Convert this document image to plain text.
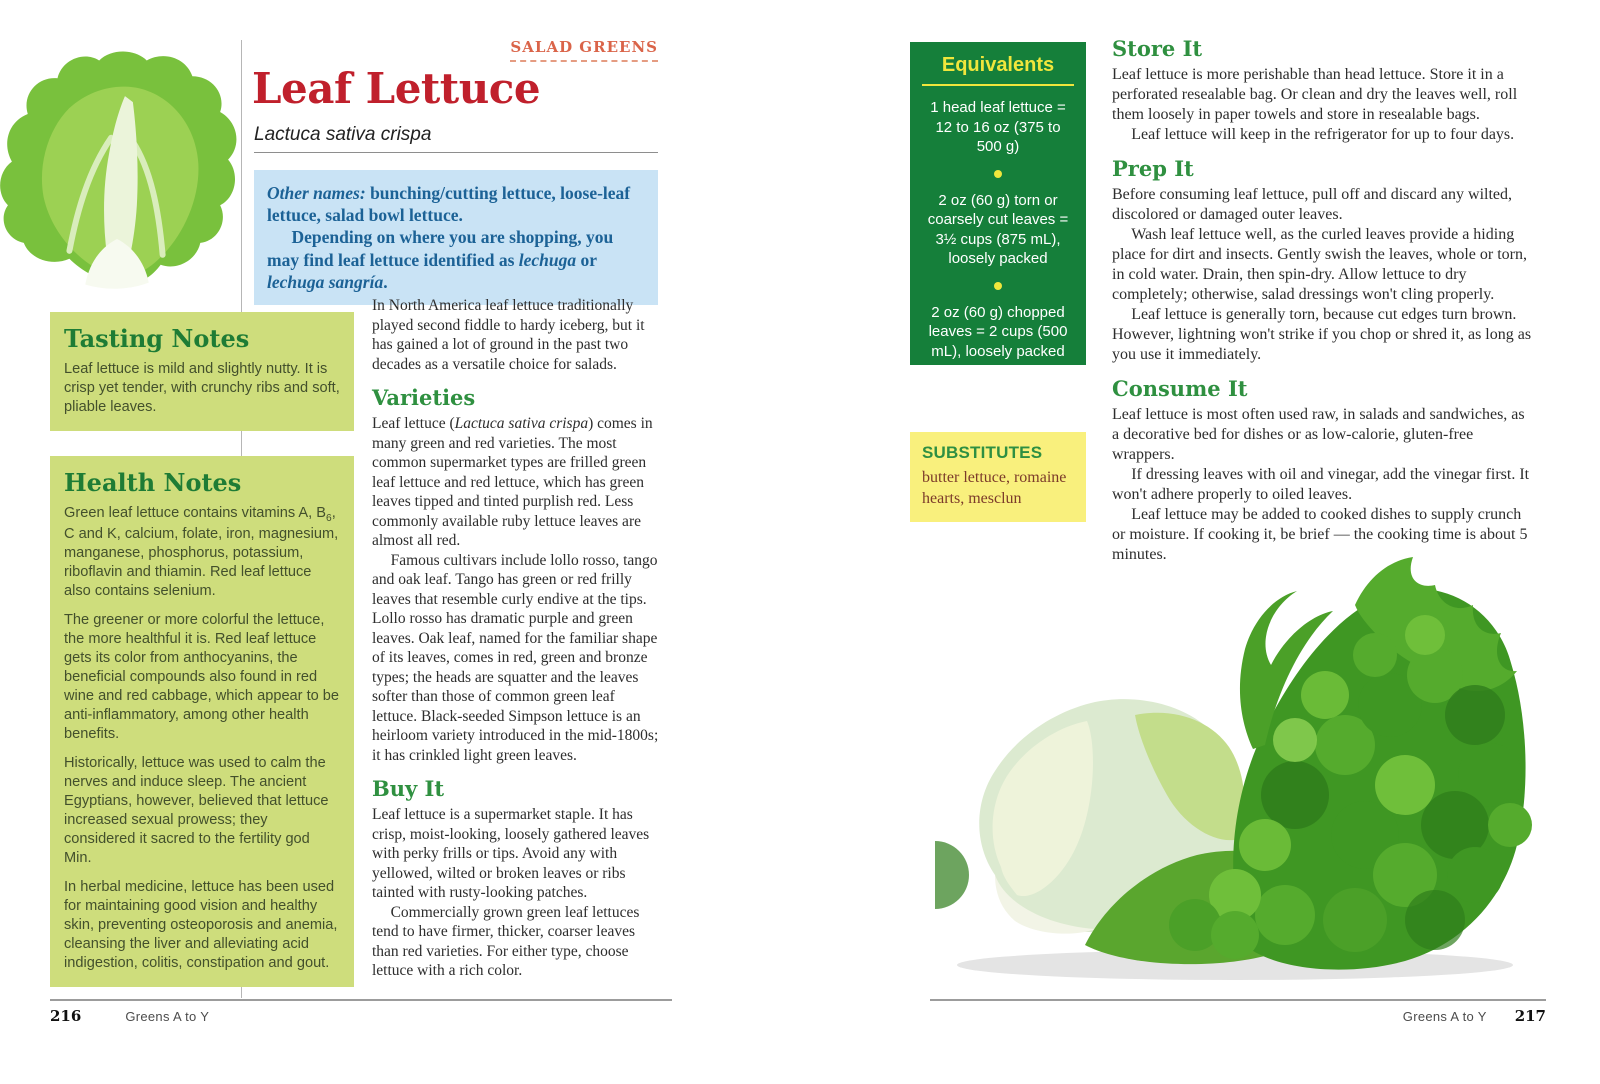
SALAD GREENS
Leaf Lettuce
Lactuca sativa crispa

Other names: bunching/cutting lettuce, loose-leaf lettuce, salad bowl lettuce.

Depending on where you are shopping, you may find leaf lettuce identified as lechuga or lechuga sangría.

Tasting Notes

Leaf lettuce is mild and slightly nutty. It is crisp yet tender, with crunchy ribs and soft, pliable leaves.

Health Notes

Green leaf lettuce contains vitamins A, $B_6$, C and K, calcium, folate, iron, magnesium, manganese, phosphorus, potassium, riboflavin and thiamin. Red leaf lettuce also contains selenium.

The greener or more colorful the lettuce, the more healthful it is. Red leaf lettuce gets its color from anthocyanins, the beneficial compounds also found in red wine and red cabbage, which appear to be anti-inflammatory, among other health benefits.

Historically, lettuce was used to calm the nerves and induce sleep. The ancient Egyptians, however, believed that lettuce increased sexual prowess; they considered it sacred to the fertility god Min.

In herbal medicine, lettuce has been used for maintaining good vision and healthy skin, preventing osteoporosis and anemia, cleansing the liver and alleviating acid indigestion, colitis, constipation and gout.

In North America leaf lettuce traditionally played second fiddle to hardy iceberg, but it has gained a lot of ground in the past two decades as a versatile choice for salads.

Varieties

Leaf lettuce (Lactuca sativa crispa) comes in many green and red varieties. The most common supermarket types are frilled green leaf lettuce and red lettuce, which has green leaves tipped and tinted purplish red. Less commonly available ruby lettuce leaves are almost all red.

Famous cultivars include lollo rosso, tango and oak leaf. Tango has green or red frilly leaves that resemble curly endive at the tips. Lollo rosso has dramatic purple and green leaves. Oak leaf, named for the familiar shape of its leaves, comes in red, green and bronze types; the heads are squatter and the leaves softer than those of common green leaf lettuce. Black-seeded Simpson lettuce is an heirloom variety introduced in the mid-1800s; it has crinkled light green leaves.

Buy It

Leaf lettuce is a supermarket staple. It has crisp, moist-looking, loosely gathered leaves with perky frills or tips. Avoid any with yellowed, wilted or broken leaves or ribs tainted with rusty-looking patches.

Commercially grown green leaf lettuces tend to have firmer, thicker, coarser leaves than red varieties. For either type, choose lettuce with a rich color.

Equivalents

1 head leaf lettuce = 12 to 16 oz (375 to 500 g)

2 oz (60 g) torn or coarsely cut leaves = 3½ cups (875 mL), loosely packed

2 oz (60 g) chopped leaves = 2 cups (500 mL), loosely packed

SUBSTITUTES

butter lettuce, romaine hearts, mesclun

Store It

Leaf lettuce is more perishable than head lettuce. Store it in a perforated resealable bag. Or clean and dry the leaves well, roll them loosely in paper towels and store in resealable bags.

Leaf lettuce will keep in the refrigerator for up to four days.

Prep It

Before consuming leaf lettuce, pull off and discard any wilted, discolored or damaged outer leaves.

Wash leaf lettuce well, as the curled leaves provide a hiding place for dirt and insects. Gently swish the leaves, whole or torn, in cold water. Drain, then spin-dry. Allow lettuce to dry completely; otherwise, salad dressings won't cling properly.

Leaf lettuce is generally torn, because cut edges turn brown. However, lightning won't strike if you chop or shred it, as long as you use it immediately.

Consume It

Leaf lettuce is most often used raw, in salads and sandwiches, as a decorative bed for dishes or as low-calorie, gluten-free wrappers.

If dressing leaves with oil and vinegar, add the vinegar first. It won't adhere properly to oiled leaves.

Leaf lettuce may be added to cooked dishes to supply crunch or moisture. If cooking it, be brief — the cooking time is about 5 minutes.

216	Greens A to Y	Greens A to Y 217
